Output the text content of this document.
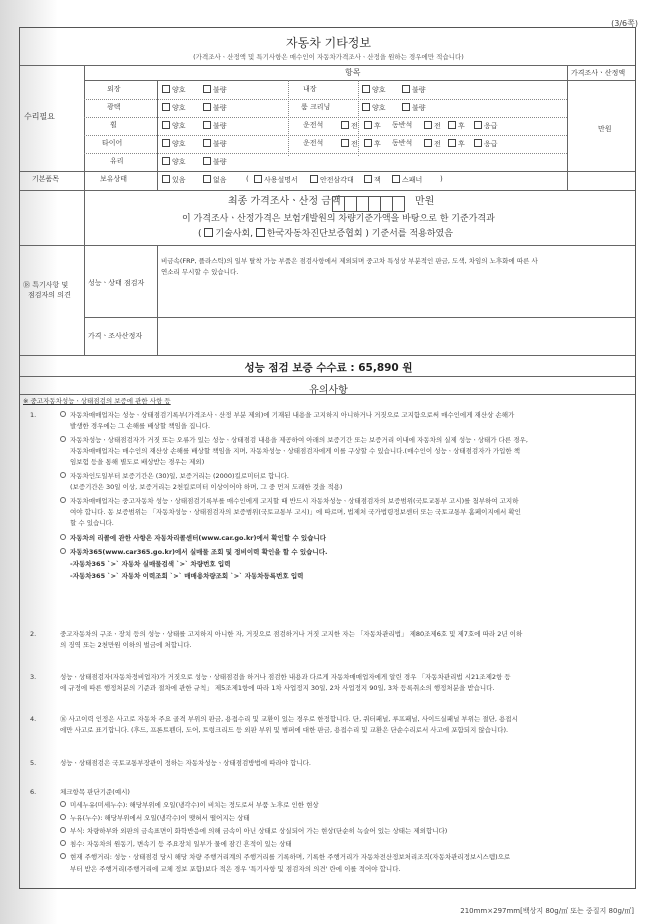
(3/6쪽)
자동차 기타정보
(가격조사ㆍ산정액 및 특기사항은 매수인이 자동차가격조사ㆍ산정을 원하는 경우에만 적습니다)
항목	가격조사ㆍ산정액
수리필요
만원
외장	양호	불량	내장	양호	불량
광택	양호	불량	룸 크리닝	양호	불량
휠	양호	불량	운전석	전	후 동반석	전	후	응급
타이어	양호	불량	운전석	전	후 동반석	전	후	응급
유리	양호	불량
기본품목	보유상태	있음	없음	(	사용설명서	안전삼각대	잭	스패너	)
최종 가격조사ㆍ산정 금액	만원
이 가격조사ㆍ산정가격은 보험개발원의 차량기준가액을 바탕으로 한 기준가격과
( 기술사회, 한국자동차진단보증협회 ) 기준서를 적용하였음
⑱ 특기사항 및
점검자의 의견
성능ㆍ상태 점검자
비금속(FRP, 플라스틱)의 일부 탈착 가능 부품은 점검사항에서 제외되며 중고차 특성상 부분적인 판금, 도색, 차임의 노후화에 따른 사
연소리 무시할 수 있습니다.
가격ㆍ조사산정자
성능 점검 보증 수수료 : 65,890 원
유의사항
※ 중고자동차성능ㆍ상태점검의 보증에 관한 사항 등
1.	자동차매매업자는 성능ㆍ상태점검기록부(가격조사ㆍ산정 부분 제외)에 기재된 내용을 고지하지 아니하거나 거짓으로 고지함으로써 매수인에게 재산상 손해가
발생한 경우에는 그 손해를 배상할 책임을 집니다.
자동차성능ㆍ상태점검자가 거짓 또는 오류가 있는 성능ㆍ상태점검 내용을 제공하여 아래의 보증기간 또는 보증거리 이내에 자동차의 실제 성능ㆍ상태가 다른 경우,
자동차매매업자는 매수인의 재산상 손해를 배상할 책임을 지며, 자동차성능ㆍ상태점검자에게 이를 구상할 수 있습니다.(매수인이 성능ㆍ상태점검자가 가입한 책
임보험 등을 통해 별도로 배상받는 경우는 제외)
자동차인도일부터 보증기간은 (30)일, 보증거리는 (2000)킬로미터로 합니다.
(보증기간은 30일 이상, 보증거리는 2천킬로미터 이상이어야 하며, 그 중 먼저 도래한 것을 적용)
자동차매매업자는 중고자동차 성능ㆍ상태점검기록부를 매수인에게 고지할 때 반드시 자동차성능ㆍ상태점검자의 보증범위(국토교통부 고시)를 첨부하여 고지하
여야 합니다. 동 보증범위는 「자동차성능ㆍ상태점검자의 보증범위(국토교통부 고시)」에 따르며, 법제처 국가법령정보센터 또는 국토교통부 홈페이지에서 확인
할 수 있습니다.
자동차의 리콜에 관한 사항은 자동차리콜센터(www.car.go.kr)에서 확인할 수 있습니다
자동차365(www.car365.go.kr)에서 실매물 조회 및 정비이력 확인을 할 수 있습니다.
-자동차365 `>` 자동차 실매물검색 `>` 차량번호 입력
-자동차365 `>` 자동차 이력조회 `>` 매매용차량조회 `>` 자동차등록번호 입력
2.	중고자동차의 구조ㆍ장치 등의 성능ㆍ상태를 고지하지 아니한 자, 거짓으로 점검하거나 거짓 고지한 자는 「자동차관리법」 제80조제6호 및 제7호에 따라 2년 이하
의 징역 또는 2천만원 이하의 벌금에 처합니다.
3.	성능ㆍ상태점검자(자동차정비업자)가 거짓으로 성능ㆍ상태점검을 하거나 점검한 내용과 다르게 자동차매매업자에게 알린 경우 「자동차관리법 시21조제2항 등
에 규정에 따른 행정처분의 기준과 절차에 관한 규칙」 제5조제1항에 따라 1차 사업정지 30일, 2차 사업정지 90일, 3차 등록취소의 행정처분을 받습니다.
4.	⑯ 사고이력 인정은 사고로 자동차 주요 골격 부위의 판금, 용접수리 및 교환이 있는 경우로 한정합니다. 단, 쿼터패널, 루프패널, 사이드실패널 부위는 절단, 용접시
에만 사고로 표기합니다. (후드, 프론트펜더, 도어, 트렁크리드 등 외판 부위 및 범퍼에 대한 판금, 용접수리 및 교환은 단순수리로서 사고에 포함되지 않습니다).
5.	성능ㆍ상태점검은 국토교통부장관이 정하는 자동차성능ㆍ상태점검방법에 따라야 합니다.
6.	체크항목 판단기준(예시)
미세누유(미세누수): 해당부위에 오일(냉각수)이 비치는 정도로서 부품 노후로 인한 현상
누유(누수): 해당부위에서 오일(냉각수)이 맺혀서 떨어지는 상태
부식: 차량하부와 외판의 금속표면이 화학반응에 의해 금속이 아닌 상태로 상실되어 가는 현상(단순히 녹슬어 있는 상태는 제외합니다)
침수: 자동차의 원동기, 변속기 등 주요장치 일부가 물에 잠긴 흔적이 있는 상태
현재 주행거리: 성능ㆍ상태점검 당시 해당 차량 주행거리계의 주행거리를 기록하며, 기록한 주행거리가 자동차전산정보처리조직(자동차관리정보시스템)으로
부터 받은 주행거리(주행거리에 교체 정보 포함)보다 적은 경우 '특기사항 및 점검자의 의견' 란에 이를 적어야 합니다.
210mm×297mm[백상지 80g/㎡ 또는 중질지 80g/㎡]
